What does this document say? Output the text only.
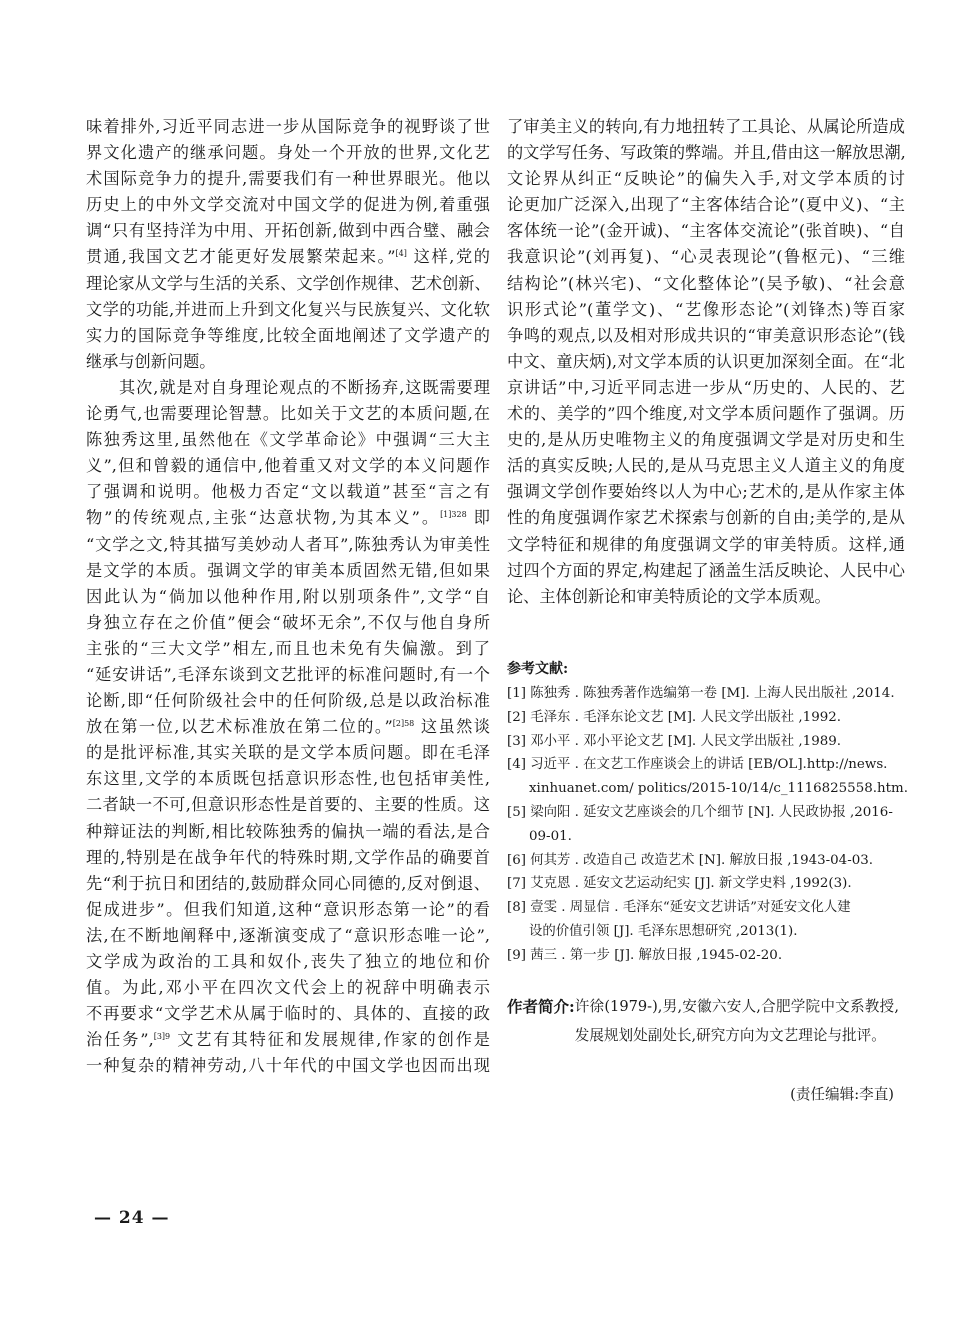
味着排外,习近平同志进一步从国际竞争的视野谈了世
界文化遗产的继承问题。身处一个开放的世界,文化艺
术国际竞争力的提升,需要我们有一种世界眼光。他以
历史上的中外文学交流对中国文学的促进为例,着重强
调“只有坚持洋为中用、开拓创新,做到中西合璧、融会
贯通,我国文艺才能更好发展繁荣起来。”[4] 这样,党的
理论家从文学与生活的关系、文学创作规律、艺术创新、
文学的功能,并进而上升到文化复兴与民族复兴、文化软
实力的国际竞争等维度,比较全面地阐述了文学遗产的
继承与创新问题。
其次,就是对自身理论观点的不断扬弃,这既需要理
论勇气,也需要理论智慧。比如关于文艺的本质问题,在
陈独秀这里,虽然他在《文学革命论》中强调“三大主
义”,但和曾毅的通信中,他着重又对文学的本义问题作
了强调和说明。他极力否定“文以载道”甚至“言之有
物”的传统观点,主张“达意状物,为其本义”。$^{[1]328}$ 即
“文学之文,特其描写美妙动人者耳”,陈独秀认为审美性
是文学的本质。强调文学的审美本质固然无错,但如果
因此认为“倘加以他种作用,附以别项条件”,文学“自
身独立存在之价值”便会“破坏无余”,不仅与他自身所
主张的“三大文学”相左,而且也未免有失偏激。到了
“延安讲话”,毛泽东谈到文艺批评的标准问题时,有一个
论断,即“任何阶级社会中的任何阶级,总是以政治标准
放在第一位,以艺术标准放在第二位的。”$^{[2]58}$ 这虽然谈
的是批评标准,其实关联的是文学本质问题。即在毛泽
东这里,文学的本质既包括意识形态性,也包括审美性,
二者缺一不可,但意识形态性是首要的、主要的性质。这
种辩证法的判断,相比较陈独秀的偏执一端的看法,是合
理的,特别是在战争年代的特殊时期,文学作品的确要首
先“利于抗日和团结的,鼓励群众同心同德的,反对倒退、
促成进步”。但我们知道,这种“意识形态第一论”的看
法,在不断地阐释中,逐渐演变成了“意识形态唯一论”,
文学成为政治的工具和奴仆,丧失了独立的地位和价
值。为此,邓小平在四次文代会上的祝辞中明确表示
不再要求“文学艺术从属于临时的、具体的、直接的政
治任务”,$^{[3]9}$ 文艺有其特征和发展规律,作家的创作是
一种复杂的精神劳动,八十年代的中国文学也因而出现
了审美主义的转向,有力地扭转了工具论、从属论所造成
的文学写任务、写政策的弊端。并且,借由这一解放思潮,
文论界从纠正“反映论”的偏失入手,对文学本质的讨
论更加广泛深入,出现了“主客体结合论”(夏中义)、“主
客体统一论”(金开诚)、“主客体交流论”(张首映)、“自
我意识论”(刘再复)、“心灵表现论”(鲁枢元)、“三维
结构论”(林兴宅)、“文化整体论”(吴予敏)、“社会意
识形式论”(董学文)、“艺像形态论”(刘锋杰)等百家
争鸣的观点,以及相对形成共识的“审美意识形态论”(钱
中文、童庆炳),对文学本质的认识更加深刻全面。在“北
京讲话”中,习近平同志进一步从“历史的、人民的、艺
术的、美学的”四个维度,对文学本质问题作了强调。历
史的,是从历史唯物主义的角度强调文学是对历史和生
活的真实反映;人民的,是从马克思主义人道主义的角度
强调文学创作要始终以人为中心;艺术的,是从作家主体
性的角度强调作家艺术探索与创新的自由;美学的,是从
文学特征和规律的角度强调文学的审美特质。这样,通
过四个方面的界定,构建起了涵盖生活反映论、人民中心
论、主体创新论和审美特质论的文学本质观。
参考文献:
[1] 陈独秀 . 陈独秀著作选编第一卷 [M]. 上海人民出版社 ,2014.
[2] 毛泽东 . 毛泽东论文艺 [M]. 人民文学出版社 ,1992.
[3] 邓小平 . 邓小平论文艺 [M]. 人民文学出版社 ,1989.
[4] 习近平 . 在文艺工作座谈会上的讲话 [EB/OL].http://news.
xinhuanet.com/ politics/2015-10/14/c_1116825558.htm.
[5] 梁向阳 . 延安文艺座谈会的几个细节 [N]. 人民政协报 ,2016-
09-01.
[6] 何其芳 . 改造自己 改造艺术 [N]. 解放日报 ,1943-04-03.
[7] 艾克恩 . 延安文艺运动纪实 [J]. 新文学史料 ,1992(3).
[8] 壹雯 . 周显信 . 毛泽东“延安文艺讲话”对延安文化人建
设的价值引领 [J]. 毛泽东思想研究 ,2013(1).
[9] 茜三 . 第一步 [J]. 解放日报 ,1945-02-20.
作者简介: 许徐(1979-),男,安徽六安人,合肥学院中文系教授,发展规划处副处长,研究方向为文艺理论与批评。
(责任编辑:李直)
— 24 —
